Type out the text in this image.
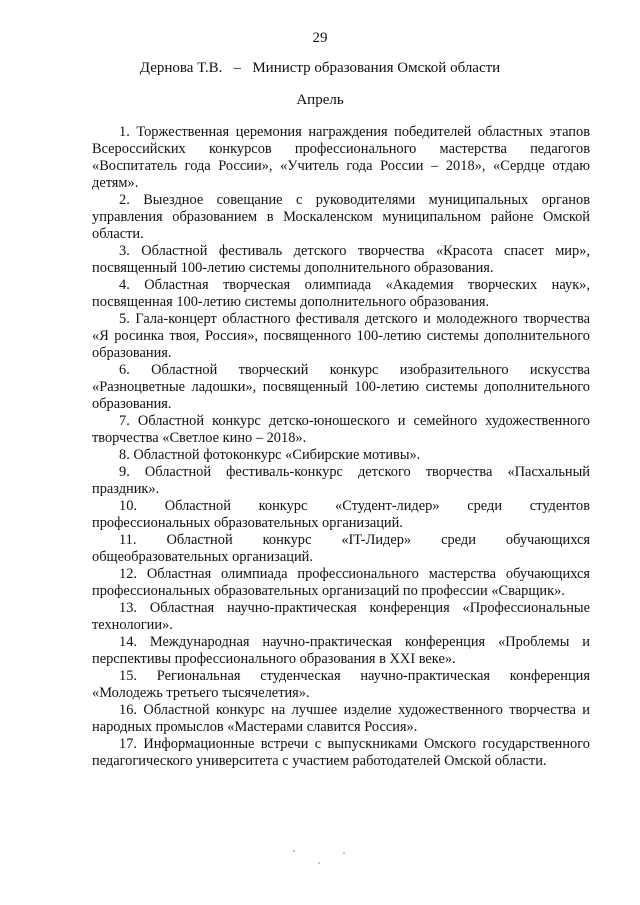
29
Дернова Т.В. – Министр образования Омской области
Апрель

1. Торжественная церемония награждения победителей областных этапов Всероссийских конкурсов профессионального мастерства педагогов «Воспитатель года России», «Учитель года России – 2018», «Сердце отдаю детям».

2. Выездное совещание с руководителями муниципальных органов управления образованием в Москаленском муниципальном районе Омской области.

3. Областной фестиваль детского творчества «Красота спасет мир», посвященный 100-летию системы дополнительного образования.

4. Областная творческая олимпиада «Академия творческих наук», посвященная 100-летию системы дополнительного образования.

5. Гала-концерт областного фестиваля детского и молодежного творчества «Я росинка твоя, Россия», посвященного 100-летию системы дополнительного образования.

6. Областной творческий конкурс изобразительного искусства «Разноцветные ладошки», посвященный 100-летию системы дополнительного образования.

7. Областной конкурс детско-юношеского и семейного художественного творчества «Светлое кино – 2018».

8. Областной фотоконкурс «Сибирские мотивы».

9. Областной фестиваль-конкурс детского творчества «Пасхальный праздник».

10. Областной конкурс «Студент-лидер» среди студентов профессиональных образовательных организаций.

11. Областной конкурс «IT-Лидер» среди обучающихся общеобразовательных организаций.

12. Областная олимпиада профессионального мастерства обучающихся профессиональных образовательных организаций по профессии «Сварщик».

13. Областная научно-практическая конференция «Профессиональные технологии».

14. Международная научно-практическая конференция «Проблемы и перспективы профессионального образования в XXI веке».

15. Региональная студенческая научно-практическая конференция «Молодежь третьего тысячелетия».

16. Областной конкурс на лучшее изделие художественного творчества и народных промыслов «Мастерами славится Россия».

17. Информационные встречи с выпускниками Омского государственного педагогического университета с участием работодателей Омской области.
